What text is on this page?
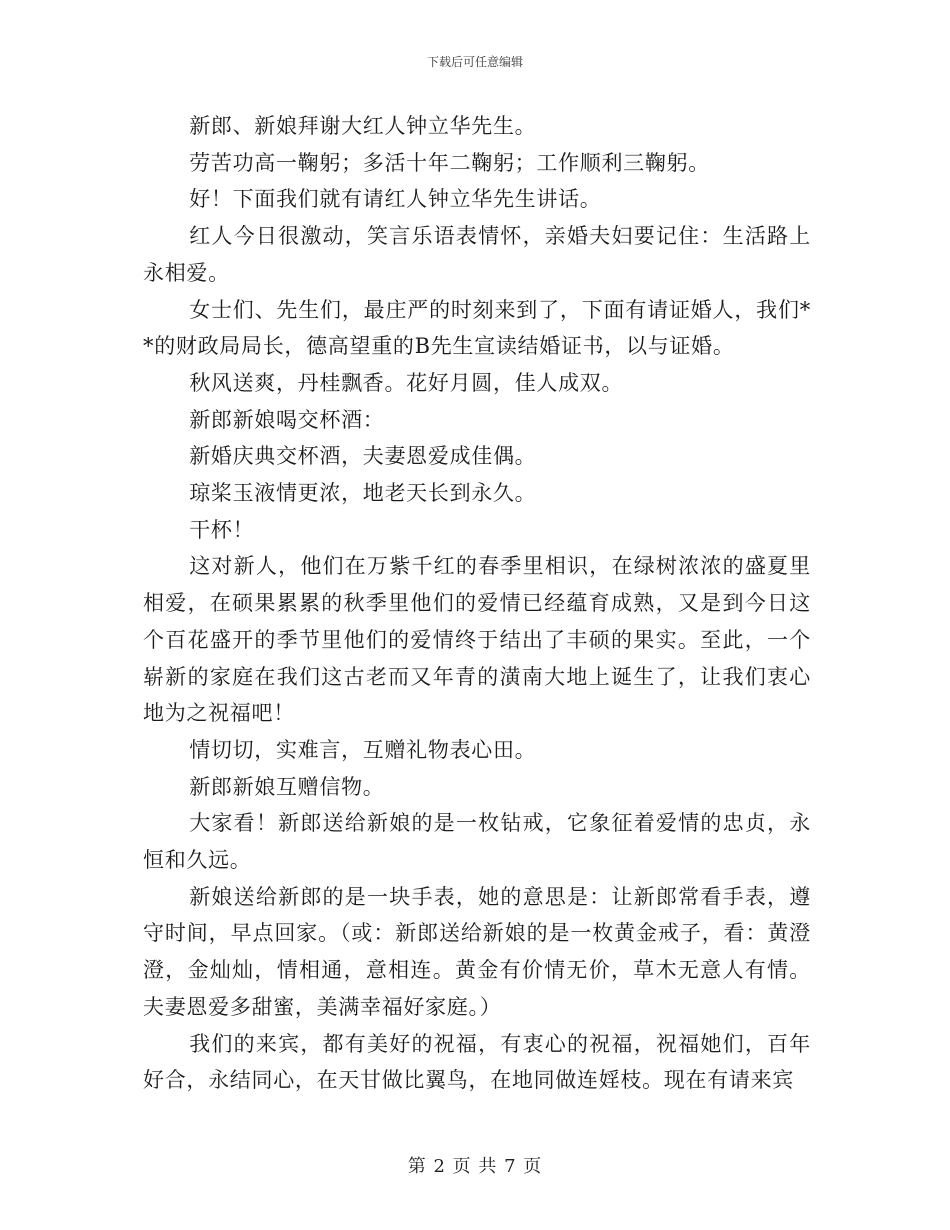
下载后可任意编辑

新郎、新娘拜谢大红人钟立华先生。

劳苦功高一鞠躬；多活十年二鞠躬；工作顺利三鞠躬。

好！下面我们就有请红人钟立华先生讲话。

红人今日很激动，笑言乐语表情怀，亲婚夫妇要记住：生活路上永相爱。

女士们、先生们，最庄严的时刻来到了，下面有请证婚人，我们**的财政局局长，德高望重的B先生宣读结婚证书，以与证婚。

秋风送爽，丹桂飘香。花好月圆，佳人成双。

新郎新娘喝交杯酒：

新婚庆典交杯酒，夫妻恩爱成佳偶。

琼桨玉液情更浓，地老天长到永久。

干杯！

这对新人，他们在万紫千红的春季里相识，在绿树浓浓的盛夏里相爱，在硕果累累的秋季里他们的爱情已经蕴育成熟，又是到今日这个百花盛开的季节里他们的爱情终于结出了丰硕的果实。至此，一个崭新的家庭在我们这古老而又年青的潢南大地上诞生了，让我们衷心地为之祝福吧！

情切切，实难言，互赠礼物表心田。

新郎新娘互赠信物。

大家看！新郎送给新娘的是一枚钻戒，它象征着爱情的忠贞，永恒和久远。

新娘送给新郎的是一块手表，她的意思是：让新郎常看手表，遵守时间，早点回家。（或：新郎送给新娘的是一枚黄金戒子，看：黄澄澄，金灿灿，情相通，意相连。黄金有价情无价，草木无意人有情。夫妻恩爱多甜蜜，美满幸福好家庭。）

我们的来宾，都有美好的祝福，有衷心的祝福，祝福她们，百年好合，永结同心，在天甘做比翼鸟，在地同做连婬枝。现在有请来宾

第 2 页 共 7 页
